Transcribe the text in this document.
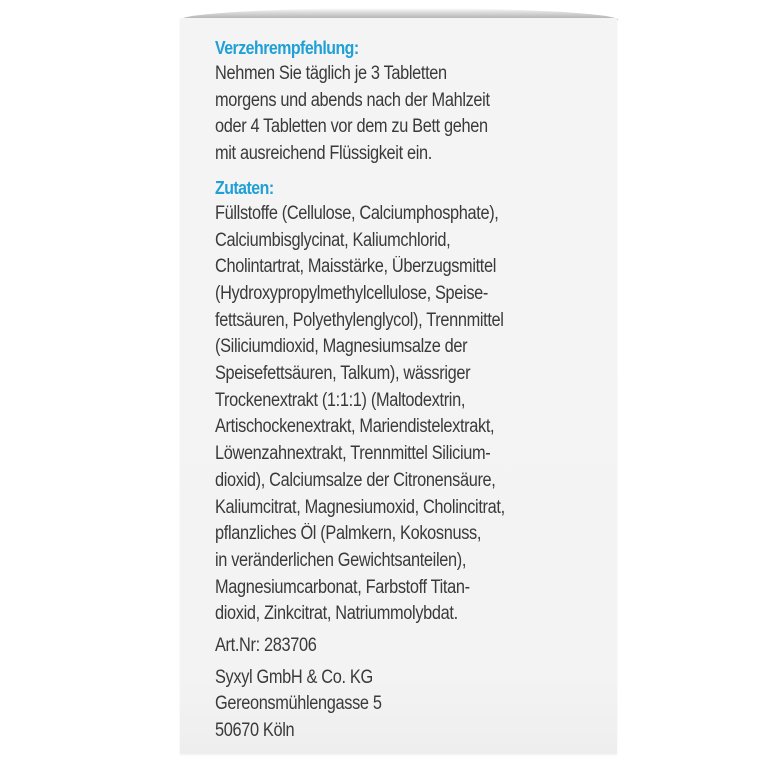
Verzehrempfehlung:
Nehmen Sie täglich je 3 Tabletten
morgens und abends nach der Mahlzeit
oder 4 Tabletten vor dem zu Bett gehen
mit ausreichend Flüssigkeit ein.
Zutaten:
Füllstoffe (Cellulose, Calciumphosphate),
Calciumbisglycinat, Kaliumchlorid,
Cholintartrat, Maisstärke, Überzugsmittel
(Hydroxypropylmethylcellulose, Speise-
fettsäuren, Polyethylenglycol), Trennmittel
(Siliciumdioxid, Magnesiumsalze der
Speisefettsäuren, Talkum), wässriger
Trockenextrakt (1:1:1) (Maltodextrin,
Artischockenextrakt, Mariendistelextrakt,
Löwenzahnextrakt, Trennmittel Silicium-
dioxid), Calciumsalze der Citronensäure,
Kaliumcitrat, Magnesiumoxid, Cholincitrat,
pflanzliches Öl (Palmkern, Kokosnuss,
in veränderlichen Gewichtsanteilen),
Magnesiumcarbonat, Farbstoff Titan-
dioxid, Zinkcitrat, Natriummolybdat.
Art.Nr: 283706
Syxyl GmbH & Co. KG
Gereonsmühlengasse 5
50670 Köln
